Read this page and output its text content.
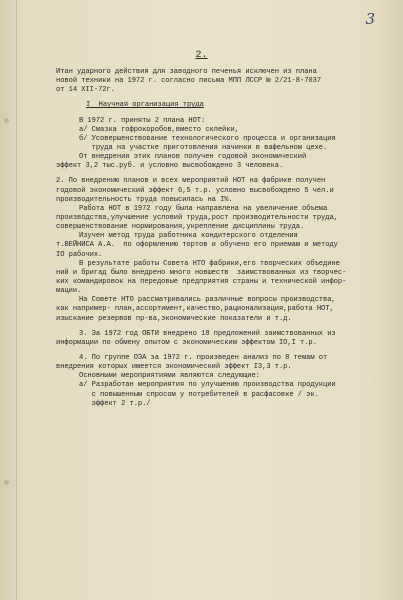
3
2.
Итан ударного действия для заводного печенья исключен из плана
новой техники на 1972 г. согласно письма МПП ЛССР № 2/21-8-7037
от 14 XII-72г.
I  Научная организация труда
В 1972 г. приняты 2 плана НОТ:
а/ Смазка гофрокоробов,вместо склейки,
б/ Усовершенствование технологического процесса и организация
труда на участке приготовления начинки в вафельном цехе.
От внедрения этих планов получен годовой экономический
эффект 3,2 тыс.руб. и условно высвобождено 3 человека.
2. По внедрению планов и всех мероприятий НОТ на фабрике получен
годовой экономический эффект 6,5 т.р. условно высвобождено 5 чел.и
производительность труда повысилась на I%.
Работа НОТ в 1972 году была направлена на увеличение объема
производства,улучшение условий труда,рост производительности труда,
совершенствование нормирования,укрепление дисциплины труда.
Изучен метод труда работника кондитерского отделения
т.ВЕЙНИСА А.А.  по оформлению тортов и обучено его приемам и методу
IO рабочих.
В результате работы Совета НТО фабрики,его творческих объедине
ний и бригад было внедрено много новшеств  заимствованных из творчес-
ких командировок на передовые предприятия страны и технической инфор-
мации.
На Совете НТО рассматривались различные вопросы производства,
как например- план,ассортимент,качество,рационализация,работа НОТ,
изыскание резервов пр-ва,экономические показатели и т.д.
3. За 1972 год ОБТИ внедрено 18 предложений заимствованных из
информации по обмену опытом с экономическим эффектом IO,I т.р.
4. По группе ОЭА за 1972 г. произведен анализ по 8 темам от
внедрения которых имеется экономический эффект I3,3 т.р.
Основными мероприятиями являются следующие:
а/ Разработан мероприятия по улучшению производства продукции
с повышенным спросом у потребителей в расфасовке / эк.
эффект 2 т.р./
